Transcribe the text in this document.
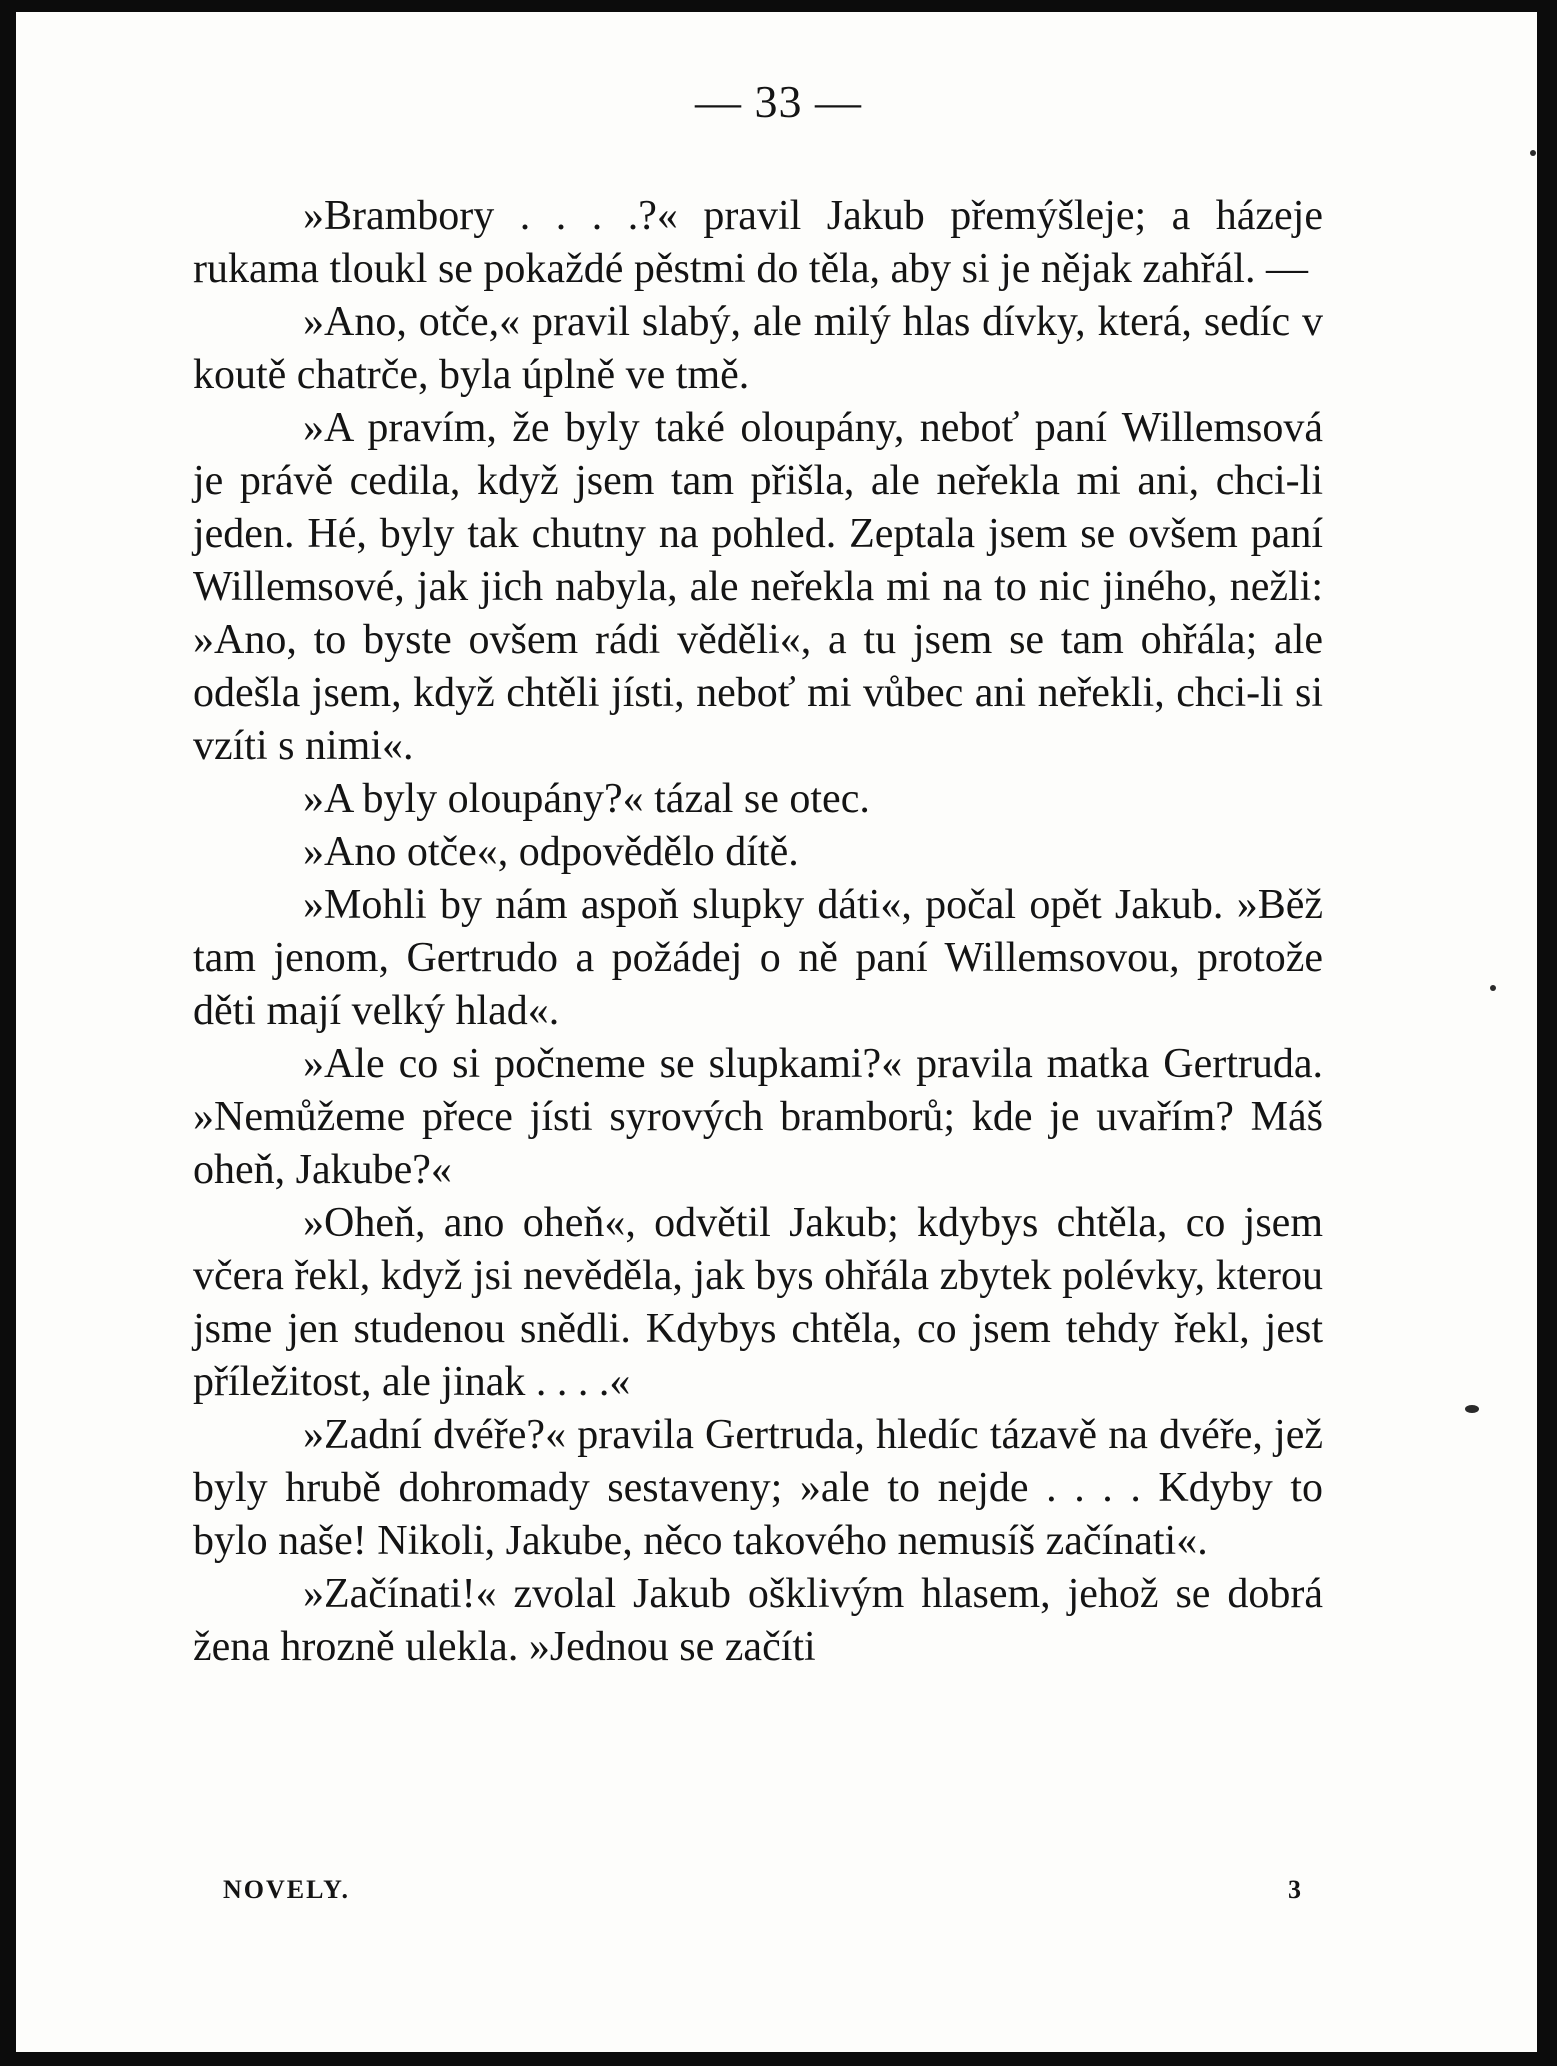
— 33 —

»Brambory . . . .?« pravil Jakub přemýšleje; a házeje rukama tloukl se pokaždé pěstmi do těla, aby si je nějak zahřál. —

»Ano, otče,« pravil slabý, ale milý hlas dívky, která, sedíc v koutě chatrče, byla úplně ve tmě.

»A pravím, že byly také oloupány, neboť paní Willemsová je právě cedila, když jsem tam přišla, ale neřekla mi ani, chci-li jeden. Hé, byly tak chutny na pohled. Zeptala jsem se ovšem paní Willemsové, jak jich nabyla, ale neřekla mi na to nic jiného, nežli: »Ano, to byste ovšem rádi věděli«, a tu jsem se tam ohřála; ale odešla jsem, když chtěli jísti, neboť mi vůbec ani neřekli, chci-li si vzíti s nimi«.

»A byly oloupány?« tázal se otec.

»Ano otče«, odpovědělo dítě.

»Mohli by nám aspoň slupky dáti«, počal opět Jakub. »Běž tam jenom, Gertrudo a požádej o ně paní Willemsovou, protože děti mají velký hlad«.

»Ale co si počneme se slupkami?« pravila matka Gertruda. »Nemůžeme přece jísti syrových bramborů; kde je uvařím? Máš oheň, Jakube?«

»Oheň, ano oheň«, odvětil Jakub; kdybys chtěla, co jsem včera řekl, když jsi nevěděla, jak bys ohřála zbytek polévky, kterou jsme jen studenou snědli. Kdybys chtěla, co jsem tehdy řekl, jest příležitost, ale jinak . . . .«

»Zadní dvéře?« pravila Gertruda, hledíc tázavě na dvéře, jež byly hrubě dohromady sestaveny; »ale to nejde . . . . Kdyby to bylo naše! Nikoli, Jakube, něco takového nemusíš začínati«.

»Začínati!« zvolal Jakub ošklivým hlasem, jehož se dobrá žena hrozně ulekla. »Jednou se začíti

NOVELY.	3
